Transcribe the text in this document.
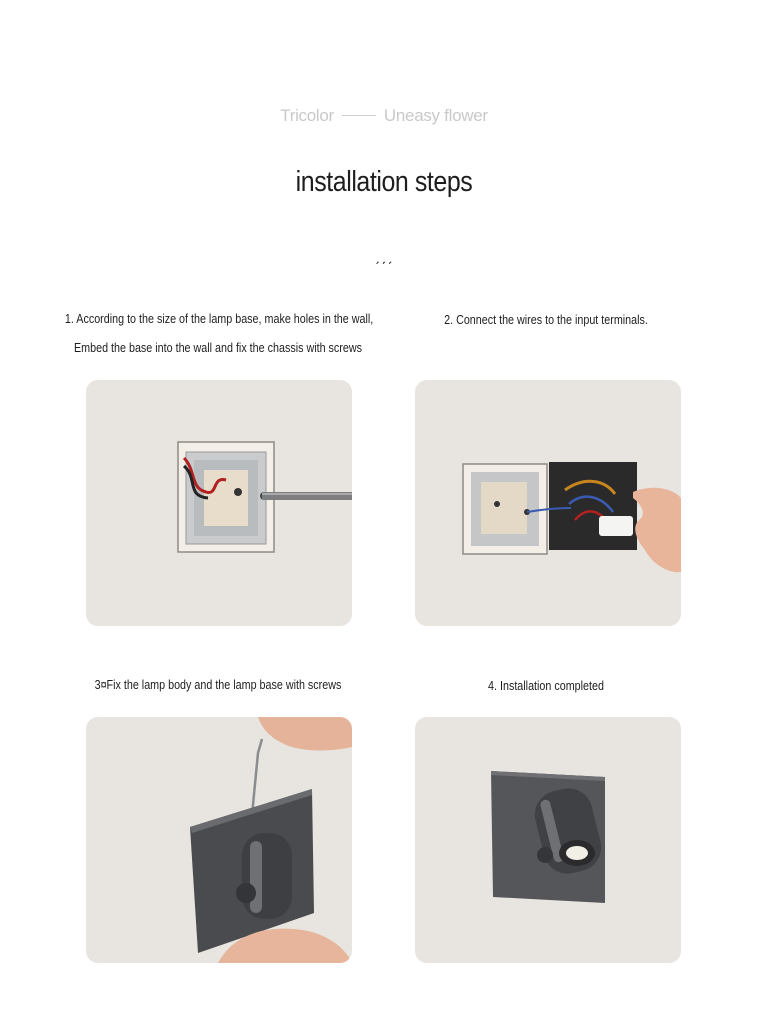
Tricolor	Uneasy flower
installation steps
ˏˏˏ
1. According to the size of the lamp base, make holes in the wall,
Embed the base into the wall and fix the chassis with screws
2. Connect the wires to the input terminals.
3¤Fix the lamp body and the lamp base with screws	4. Installation completed
